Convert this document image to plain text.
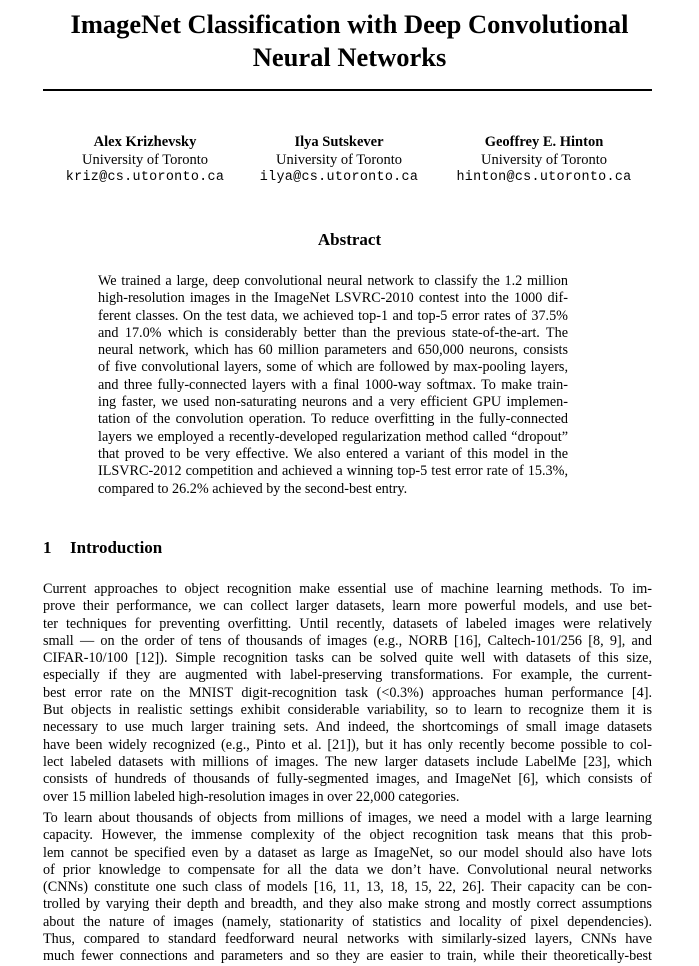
ImageNet Classification with Deep Convolutional
Neural Networks
Alex Krizhevsky
University of Toronto
kriz@cs.utoronto.ca
Ilya Sutskever
University of Toronto
ilya@cs.utoronto.ca
Geoffrey E. Hinton
University of Toronto
hinton@cs.utoronto.ca
Abstract
We trained a large, deep convolutional neural network to classify the 1.2 million
high-resolution images in the ImageNet LSVRC-2010 contest into the 1000 dif-
ferent classes. On the test data, we achieved top-1 and top-5 error rates of 37.5%
and 17.0% which is considerably better than the previous state-of-the-art. The
neural network, which has 60 million parameters and 650,000 neurons, consists
of five convolutional layers, some of which are followed by max-pooling layers,
and three fully-connected layers with a final 1000-way softmax. To make train-
ing faster, we used non-saturating neurons and a very efficient GPU implemen-
tation of the convolution operation. To reduce overfitting in the fully-connected
layers we employed a recently-developed regularization method called “dropout”
that proved to be very effective. We also entered a variant of this model in the
ILSVRC-2012 competition and achieved a winning top-5 test error rate of 15.3%,
compared to 26.2% achieved by the second-best entry.
1 Introduction
Current approaches to object recognition make essential use of machine learning methods. To im-
prove their performance, we can collect larger datasets, learn more powerful models, and use bet-
ter techniques for preventing overfitting. Until recently, datasets of labeled images were relatively
small — on the order of tens of thousands of images (e.g., NORB [16], Caltech-101/256 [8, 9], and
CIFAR-10/100 [12]). Simple recognition tasks can be solved quite well with datasets of this size,
especially if they are augmented with label-preserving transformations. For example, the current-
best error rate on the MNIST digit-recognition task (<0.3%) approaches human performance [4].
But objects in realistic settings exhibit considerable variability, so to learn to recognize them it is
necessary to use much larger training sets. And indeed, the shortcomings of small image datasets
have been widely recognized (e.g., Pinto et al. [21]), but it has only recently become possible to col-
lect labeled datasets with millions of images. The new larger datasets include LabelMe [23], which
consists of hundreds of thousands of fully-segmented images, and ImageNet [6], which consists of
over 15 million labeled high-resolution images in over 22,000 categories.
To learn about thousands of objects from millions of images, we need a model with a large learning
capacity. However, the immense complexity of the object recognition task means that this prob-
lem cannot be specified even by a dataset as large as ImageNet, so our model should also have lots
of prior knowledge to compensate for all the data we don’t have. Convolutional neural networks
(CNNs) constitute one such class of models [16, 11, 13, 18, 15, 22, 26]. Their capacity can be con-
trolled by varying their depth and breadth, and they also make strong and mostly correct assumptions
about the nature of images (namely, stationarity of statistics and locality of pixel dependencies).
Thus, compared to standard feedforward neural networks with similarly-sized layers, CNNs have
much fewer connections and parameters and so they are easier to train, while their theoretically-best
